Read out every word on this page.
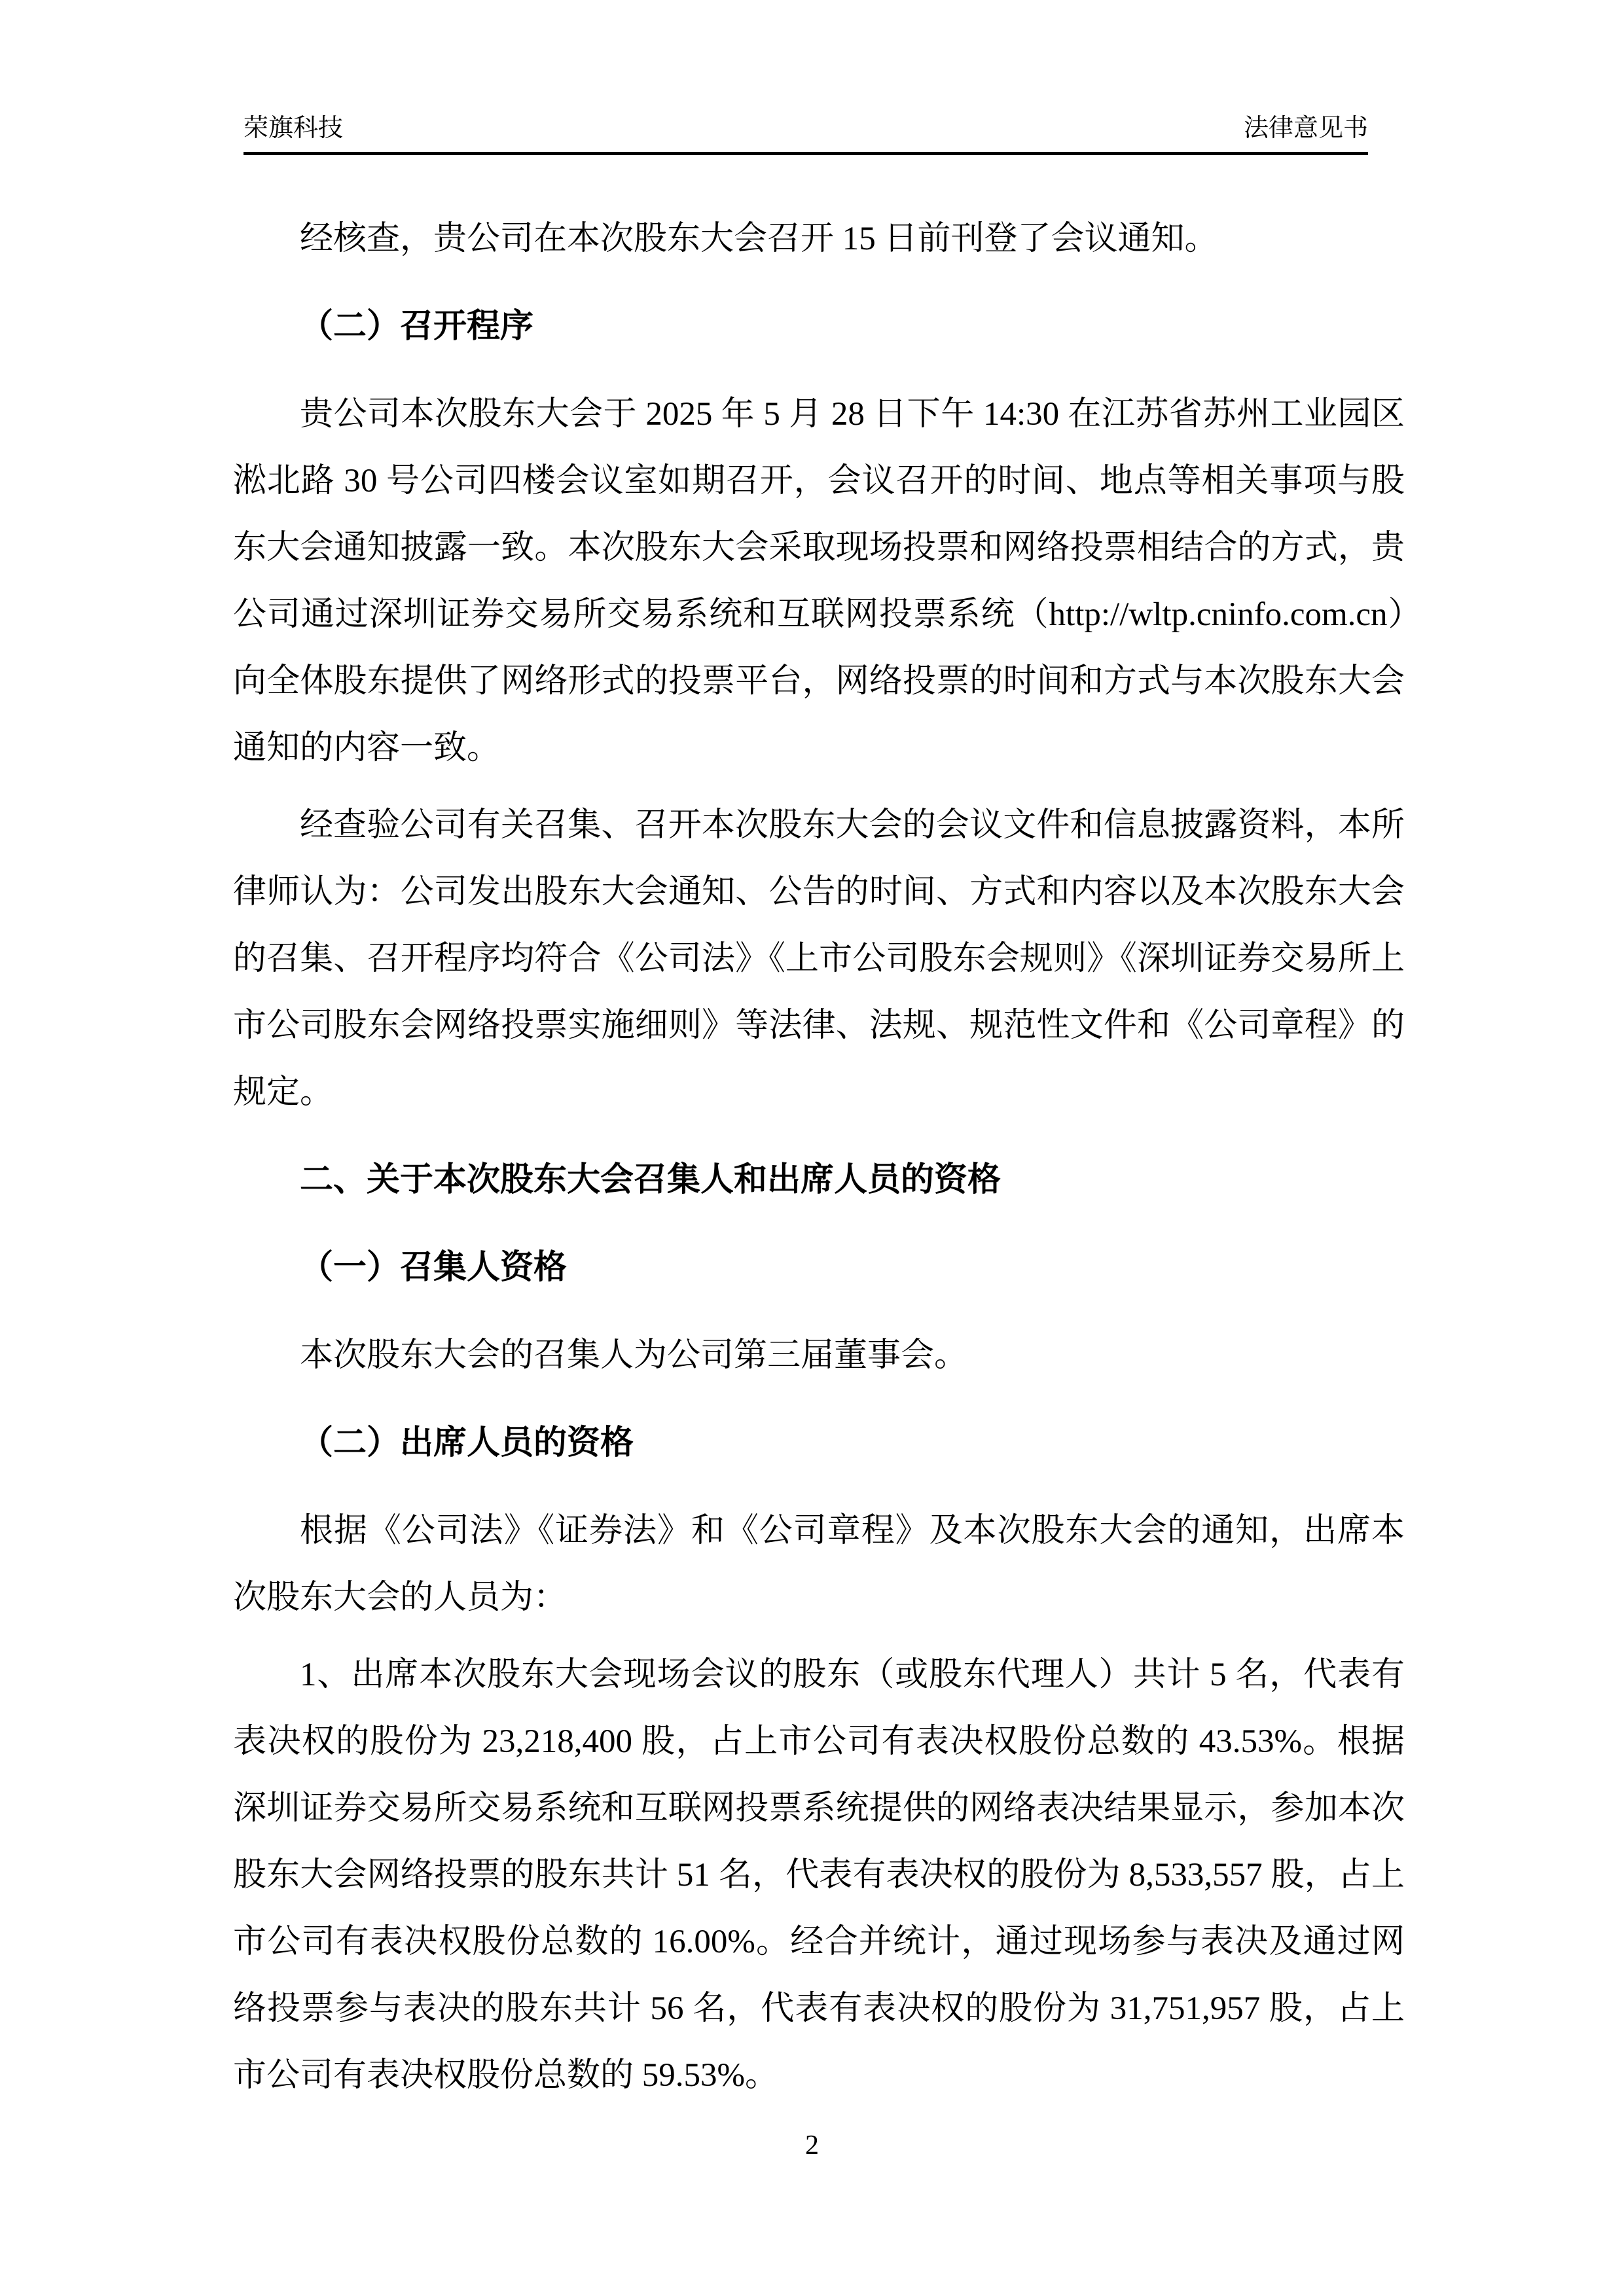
荣旗科技	法律意见书

经核查，贵公司在本次股东大会召开 15 日前刊登了会议通知。

（二）召开程序

贵公司本次股东大会于 2025 年 5 月 28 日下午 14:30 在江苏省苏州工业园区淞北路 30 号公司四楼会议室如期召开，会议召开的时间、地点等相关事项与股东大会通知披露一致。本次股东大会采取现场投票和网络投票相结合的方式，贵公司通过深圳证券交易所交易系统和互联网投票系统（http://wltp.cninfo.com.cn）向全体股东提供了网络形式的投票平台，网络投票的时间和方式与本次股东大会通知的内容一致。

经查验公司有关召集、召开本次股东大会的会议文件和信息披露资料，本所律师认为：公司发出股东大会通知、公告的时间、方式和内容以及本次股东大会的召集、召开程序均符合《公司法》《上市公司股东会规则》《深圳证券交易所上市公司股东会网络投票实施细则》等法律、法规、规范性文件和《公司章程》的规定。

二、关于本次股东大会召集人和出席人员的资格

（一）召集人资格

本次股东大会的召集人为公司第三届董事会。

（二）出席人员的资格

根据《公司法》《证券法》和《公司章程》及本次股东大会的通知，出席本次股东大会的人员为：

1、出席本次股东大会现场会议的股东（或股东代理人）共计 5 名，代表有表决权的股份为 23,218,400 股，占上市公司有表决权股份总数的 43.53%。根据深圳证券交易所交易系统和互联网投票系统提供的网络表决结果显示，参加本次股东大会网络投票的股东共计 51 名，代表有表决权的股份为 8,533,557 股，占上市公司有表决权股份总数的 16.00%。经合并统计，通过现场参与表决及通过网络投票参与表决的股东共计 56 名，代表有表决权的股份为 31,751,957 股，占上市公司有表决权股份总数的 59.53%。

2
